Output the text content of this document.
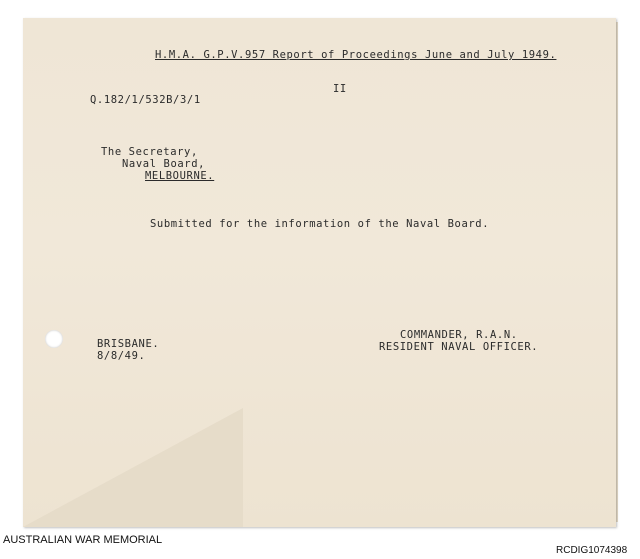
H.M.A. G.P.V.957 Report of Proceedings June and July 1949.
II
Q.182/1/532B/3/1
The Secretary,
Naval Board,
MELBOURNE.
Submitted for the information of the Naval Board.
BRISBANE.
8/8/49.
COMMANDER, R.A.N.
RESIDENT NAVAL OFFICER.
AUSTRALIAN WAR MEMORIAL
RCDIG1074398
